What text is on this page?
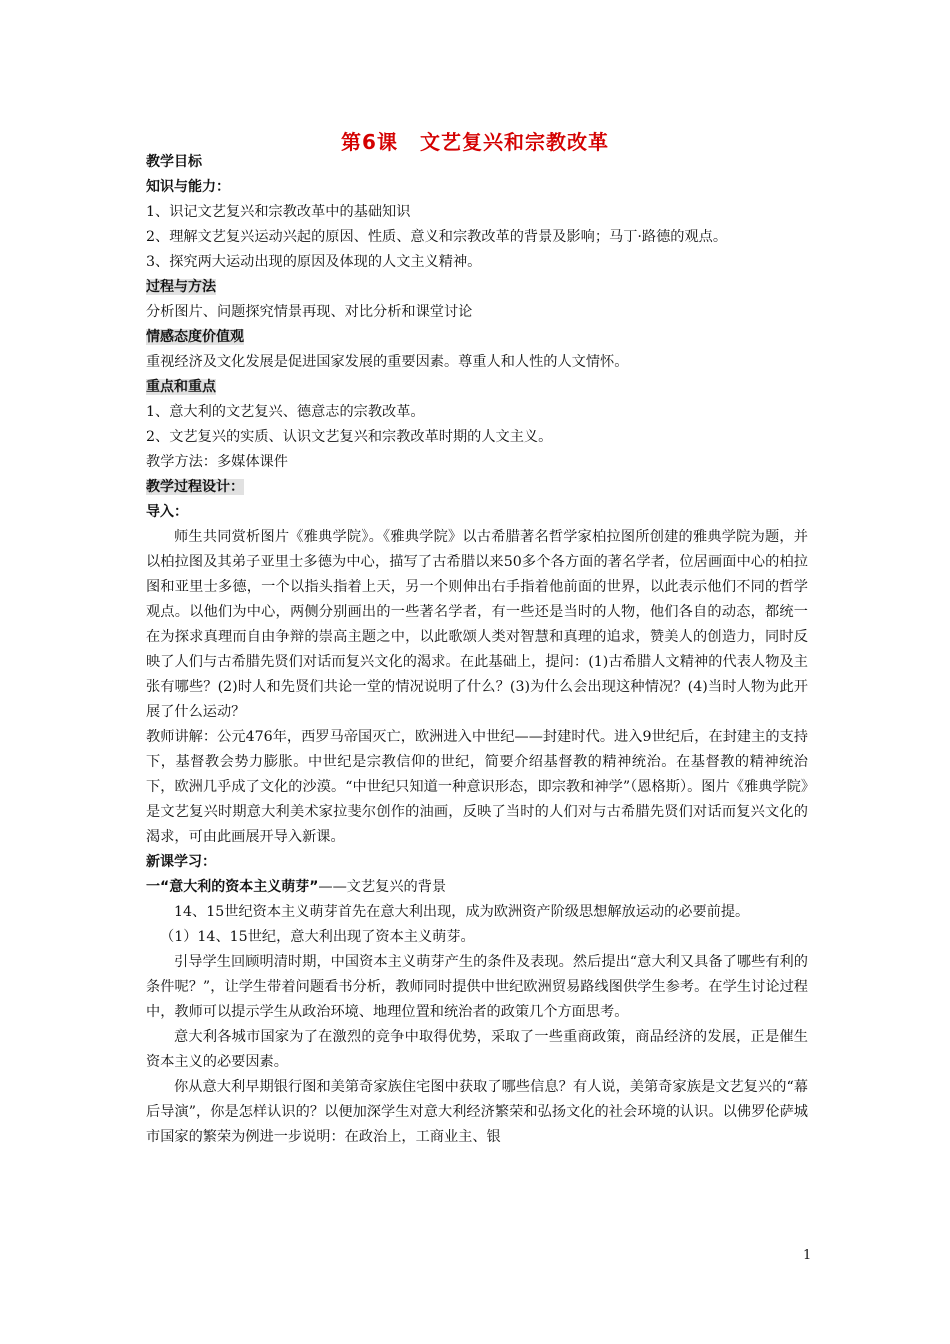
第6课 文艺复兴和宗教改革
教学目标
知识与能力：
1、识记文艺复兴和宗教改革中的基础知识
2、理解文艺复兴运动兴起的原因、性质、意义和宗教改革的背景及影响；马丁·路德的观点。
3、探究两大运动出现的原因及体现的人文主义精神。
过程与方法
分析图片、问题探究情景再现、对比分析和课堂讨论
情感态度价值观
重视经济及文化发展是促进国家发展的重要因素。尊重人和人性的人文情怀。
重点和重点
1、意大利的文艺复兴、德意志的宗教改革。
2、文艺复兴的实质、认识文艺复兴和宗教改革时期的人文主义。
教学方法：多媒体课件
教学过程设计：
导入：
师生共同赏析图片《雅典学院》。《雅典学院》以古希腊著名哲学家柏拉图所创建的雅典学院为题，并以柏拉图及其弟子亚里士多德为中心，描写了古希腊以来50多个各方面的著名学者，位居画面中心的柏拉图和亚里士多德，一个以指头指着上天，另一个则伸出右手指着他前面的世界，以此表示他们不同的哲学观点。以他们为中心，两侧分别画出的一些著名学者，有一些还是当时的人物，他们各自的动态，都统一在为探求真理而自由争辩的崇高主题之中，以此歌颂人类对智慧和真理的追求，赞美人的创造力，同时反映了人们与古希腊先贤们对话而复兴文化的渴求。在此基础上，提问：(1)古希腊人文精神的代表人物及主张有哪些？(2)时人和先贤们共论一堂的情况说明了什么？(3)为什么会出现这种情况？(4)当时人物为此开展了什么运动？
教师讲解：公元476年，西罗马帝国灭亡，欧洲进入中世纪——封建时代。进入9世纪后，在封建主的支持下，基督教会势力膨胀。中世纪是宗教信仰的世纪，简要介绍基督教的精神统治。在基督教的精神统治下，欧洲几乎成了文化的沙漠。“中世纪只知道一种意识形态，即宗教和神学”（恩格斯）。图片《雅典学院》是文艺复兴时期意大利美术家拉斐尔创作的油画，反映了当时的人们对与古希腊先贤们对话而复兴文化的渴求，可由此画展开导入新课。
新课学习：
一“意大利的资本主义萌芽”——文艺复兴的背景
14、15世纪资本主义萌芽首先在意大利出现，成为欧洲资产阶级思想解放运动的必要前提。
（1）14、15世纪，意大利出现了资本主义萌芽。
引导学生回顾明清时期，中国资本主义萌芽产生的条件及表现。然后提出“意大利又具备了哪些有利的条件呢？”，让学生带着问题看书分析，教师同时提供中世纪欧洲贸易路线图供学生参考。在学生讨论过程中，教师可以提示学生从政治环境、地理位置和统治者的政策几个方面思考。
意大利各城市国家为了在激烈的竞争中取得优势，采取了一些重商政策，商品经济的发展，正是催生资本主义的必要因素。
你从意大利早期银行图和美第奇家族住宅图中获取了哪些信息？有人说，美第奇家族是文艺复兴的“幕后导演”，你是怎样认识的？以便加深学生对意大利经济繁荣和弘扬文化的社会环境的认识。以佛罗伦萨城市国家的繁荣为例进一步说明：在政治上，工商业主、银
1
